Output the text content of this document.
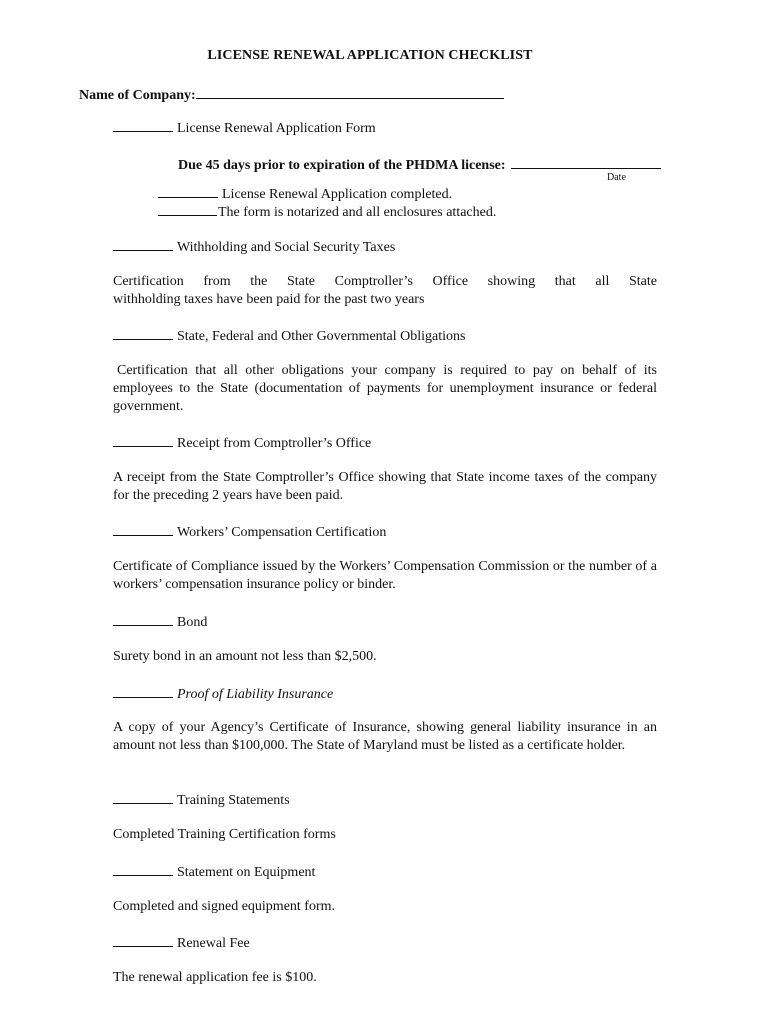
LICENSE RENEWAL APPLICATION CHECKLIST
Name of Company:
License Renewal Application Form
Due 45 days prior to expiration of the PHDMA license:
Date
License Renewal Application completed.
The form is notarized and all enclosures attached.
Withholding and Social Security Taxes
Certification from the State Comptroller’s Office showing that all State
withholding taxes have been paid for the past two years
State, Federal and Other Governmental Obligations
Certification that all other obligations your company is required to pay on behalf of its employees to the State (documentation of payments for unemployment insurance or federal government.
Receipt from Comptroller’s Office
A receipt from the State Comptroller’s Office showing that State income taxes of the company for the preceding 2 years have been paid.
Workers’ Compensation Certification
Certificate of Compliance issued by the Workers’ Compensation Commission or the number of a workers’ compensation insurance policy or binder.
Bond
Surety bond in an amount not less than $2,500.
Proof of Liability Insurance
A copy of your Agency’s Certificate of Insurance, showing general liability insurance in an amount not less than $100,000. The State of Maryland must be listed as a certificate holder.
Training Statements
Completed Training Certification forms
Statement on Equipment
Completed and signed equipment form.
Renewal Fee
The renewal application fee is $100.
